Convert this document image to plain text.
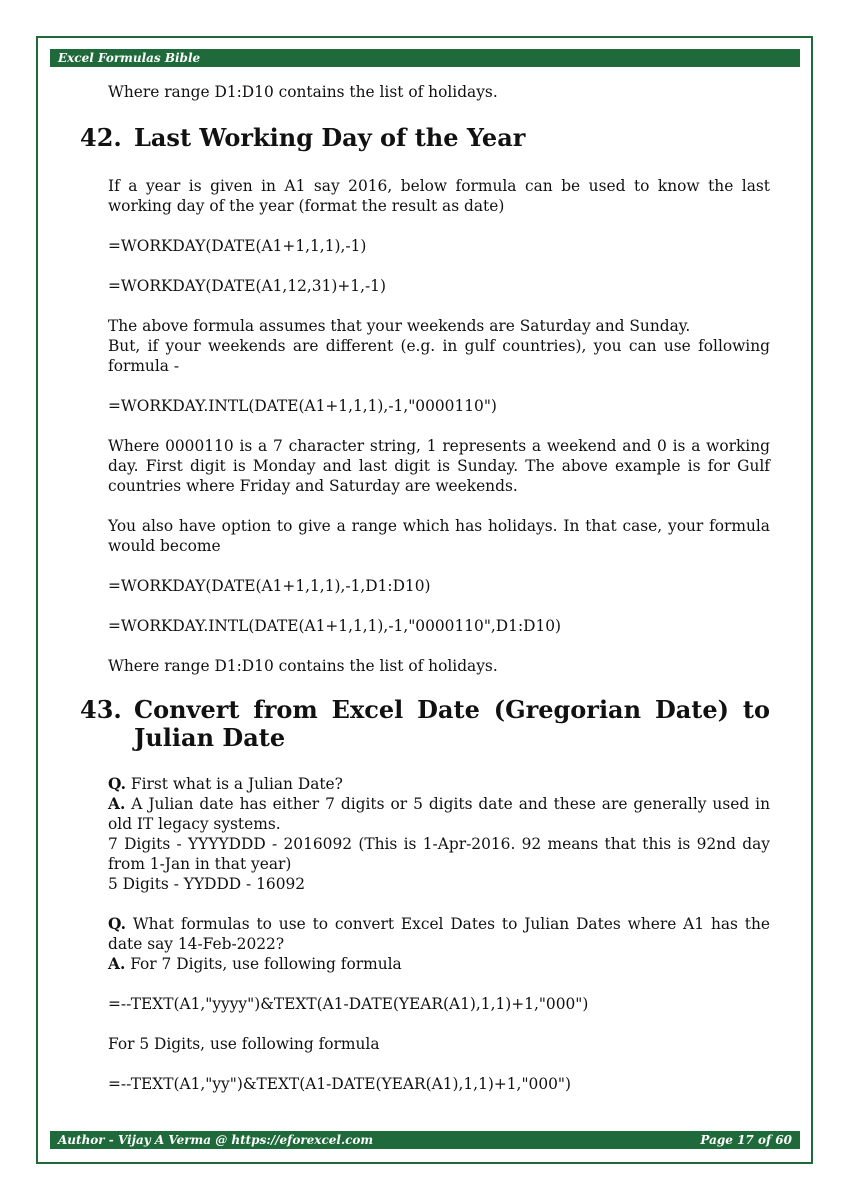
Excel Formulas Bible

Where range D1:D10 contains the list of holidays.

42. Last Working Day of the Year

If a year is given in A1 say 2016, below formula can be used to know the last working day of the year (format the result as date)

=WORKDAY(DATE(A1+1,1,1),-1)

=WORKDAY(DATE(A1,12,31)+1,-1)

The above formula assumes that your weekends are Saturday and Sunday.

But, if your weekends are different (e.g. in gulf countries), you can use following formula -

=WORKDAY.INTL(DATE(A1+1,1,1),-1,"0000110")

Where 0000110 is a 7 character string, 1 represents a weekend and 0 is a working day. First digit is Monday and last digit is Sunday. The above example is for Gulf countries where Friday and Saturday are weekends.

You also have option to give a range which has holidays. In that case, your formula would become

=WORKDAY(DATE(A1+1,1,1),-1,D1:D10)

=WORKDAY.INTL(DATE(A1+1,1,1),-1,"0000110",D1:D10)

Where range D1:D10 contains the list of holidays.

43. Convert from Excel Date (Gregorian Date) to Julian Date

Q. First what is a Julian Date?

A. A Julian date has either 7 digits or 5 digits date and these are generally used in old IT legacy systems.

7 Digits - YYYYDDD - 2016092 (This is 1-Apr-2016. 92 means that this is 92nd day from 1-Jan in that year)

5 Digits - YYDDD - 16092

Q. What formulas to use to convert Excel Dates to Julian Dates where A1 has the date say 14-Feb-2022?

A. For 7 Digits, use following formula

=--TEXT(A1,"yyyy")&TEXT(A1-DATE(YEAR(A1),1,1)+1,"000")

For 5 Digits, use following formula

=--TEXT(A1,"yy")&TEXT(A1-DATE(YEAR(A1),1,1)+1,"000")

Author - Vijay A Verma @ https://eforexcel.com	Page 17 of 60
